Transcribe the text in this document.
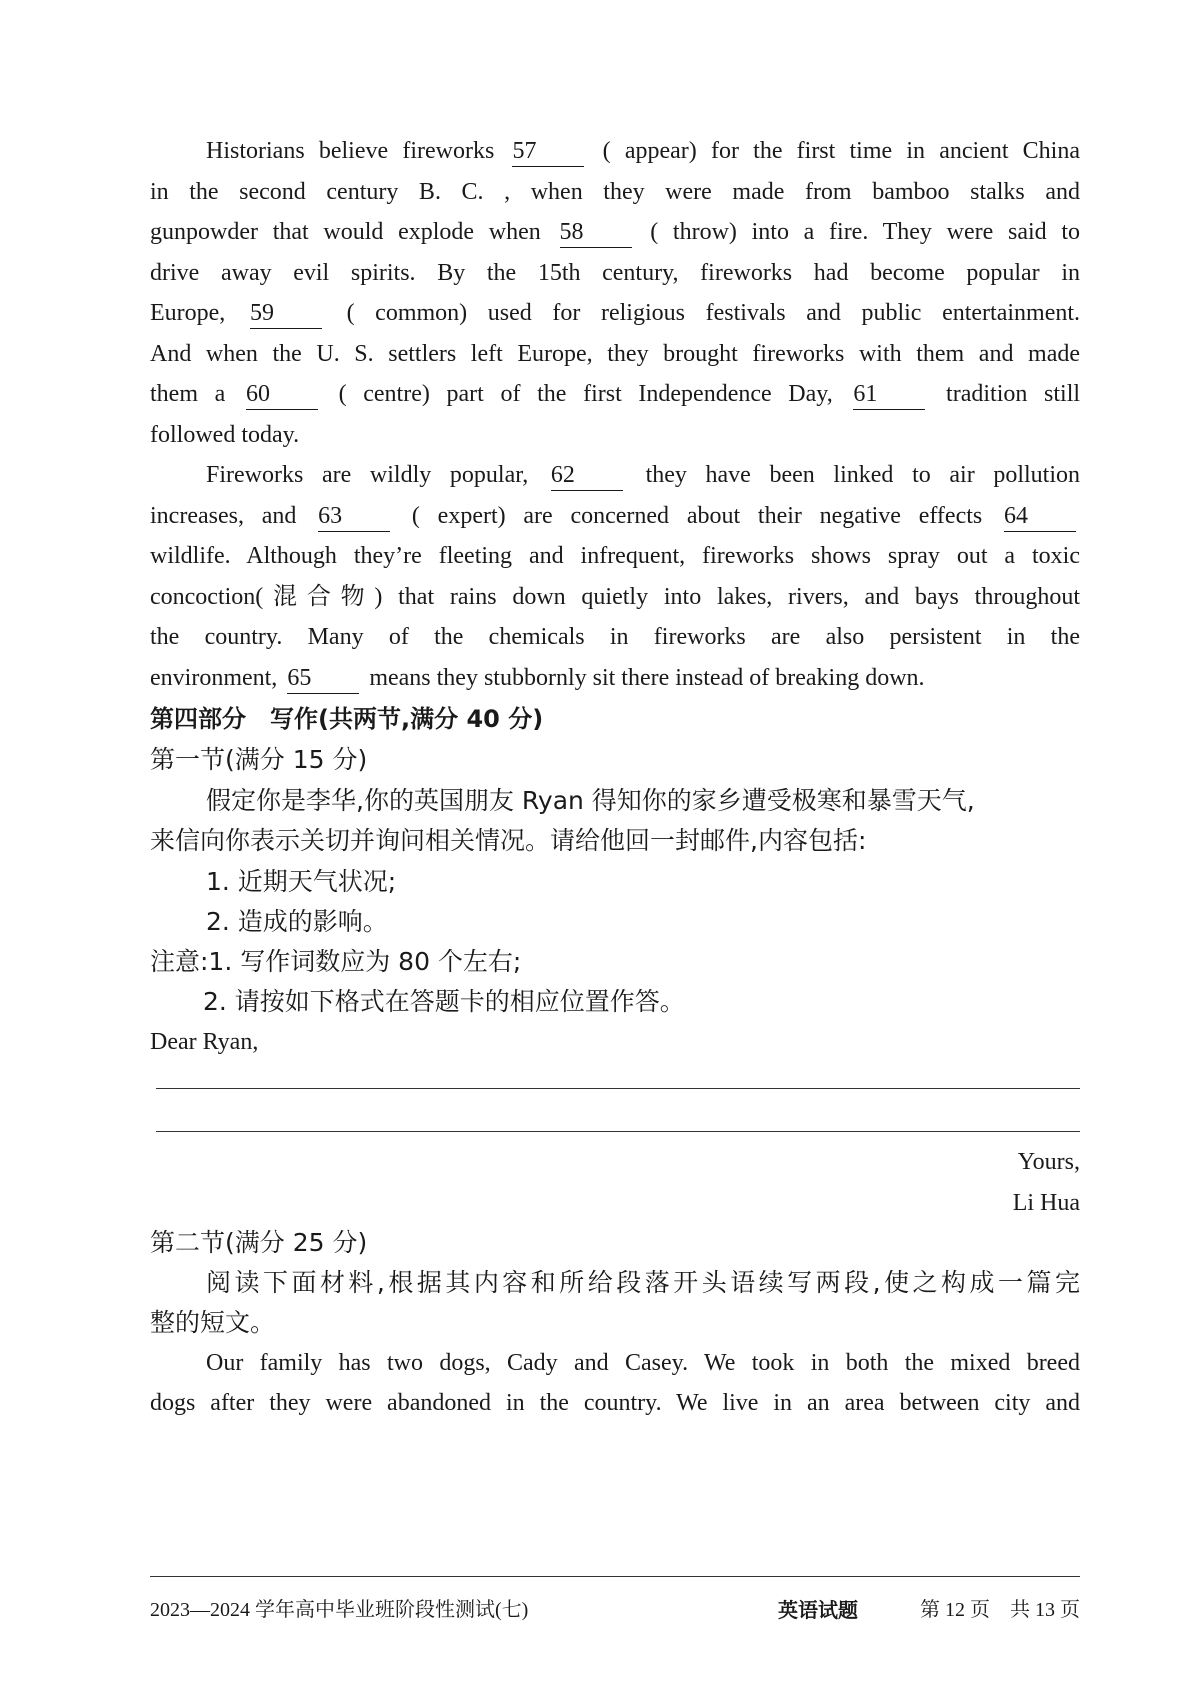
Historians believe fireworks 57	( appear) for the first time in ancient China
in the second century B. C. , when they were made from bamboo stalks and
gunpowder that would explode when 58	( throw) into a fire. They were said to
drive away evil spirits. By the 15th century, fireworks had become popular in
Europe, 59	( common) used for religious festivals and public entertainment.
And when the U. S. settlers left Europe, they brought fireworks with them and made
them a 60	( centre) part of the first Independence Day, 61	tradition still
followed today.
Fireworks are wildly popular, 62	they have been linked to air pollution
increases, and 63	( expert) are concerned about their negative effects 64
wildlife. Although they’re fleeting and infrequent, fireworks shows spray out a toxic
concoction(混合物) that rains down quietly into lakes, rivers, and bays throughout
the country. Many of the chemicals in fireworks are also persistent in the
environment, 65 means they stubbornly sit there instead of breaking down.
第四部分　写作(共两节,满分 40 分)
第一节(满分 15 分)
假定你是李华,你的英国朋友 Ryan 得知你的家乡遭受极寒和暴雪天气,
来信向你表示关切并询问相关情况。请给他回一封邮件,内容包括:
1. 近期天气状况;
2. 造成的影响。
注意:1. 写作词数应为 80 个左右;
2. 请按如下格式在答题卡的相应位置作答。
Dear Ryan,
Yours,
Li Hua
第二节(满分 25 分)
阅读下面材料,根据其内容和所给段落开头语续写两段,使之构成一篇完
整的短文。
Our family has two dogs, Cady and Casey. We took in both the mixed breed
dogs after they were abandoned in the country. We live in an area between city and
2023—2024 学年高中毕业班阶段性测试(七)	英语试题	第 12 页　共 13 页
